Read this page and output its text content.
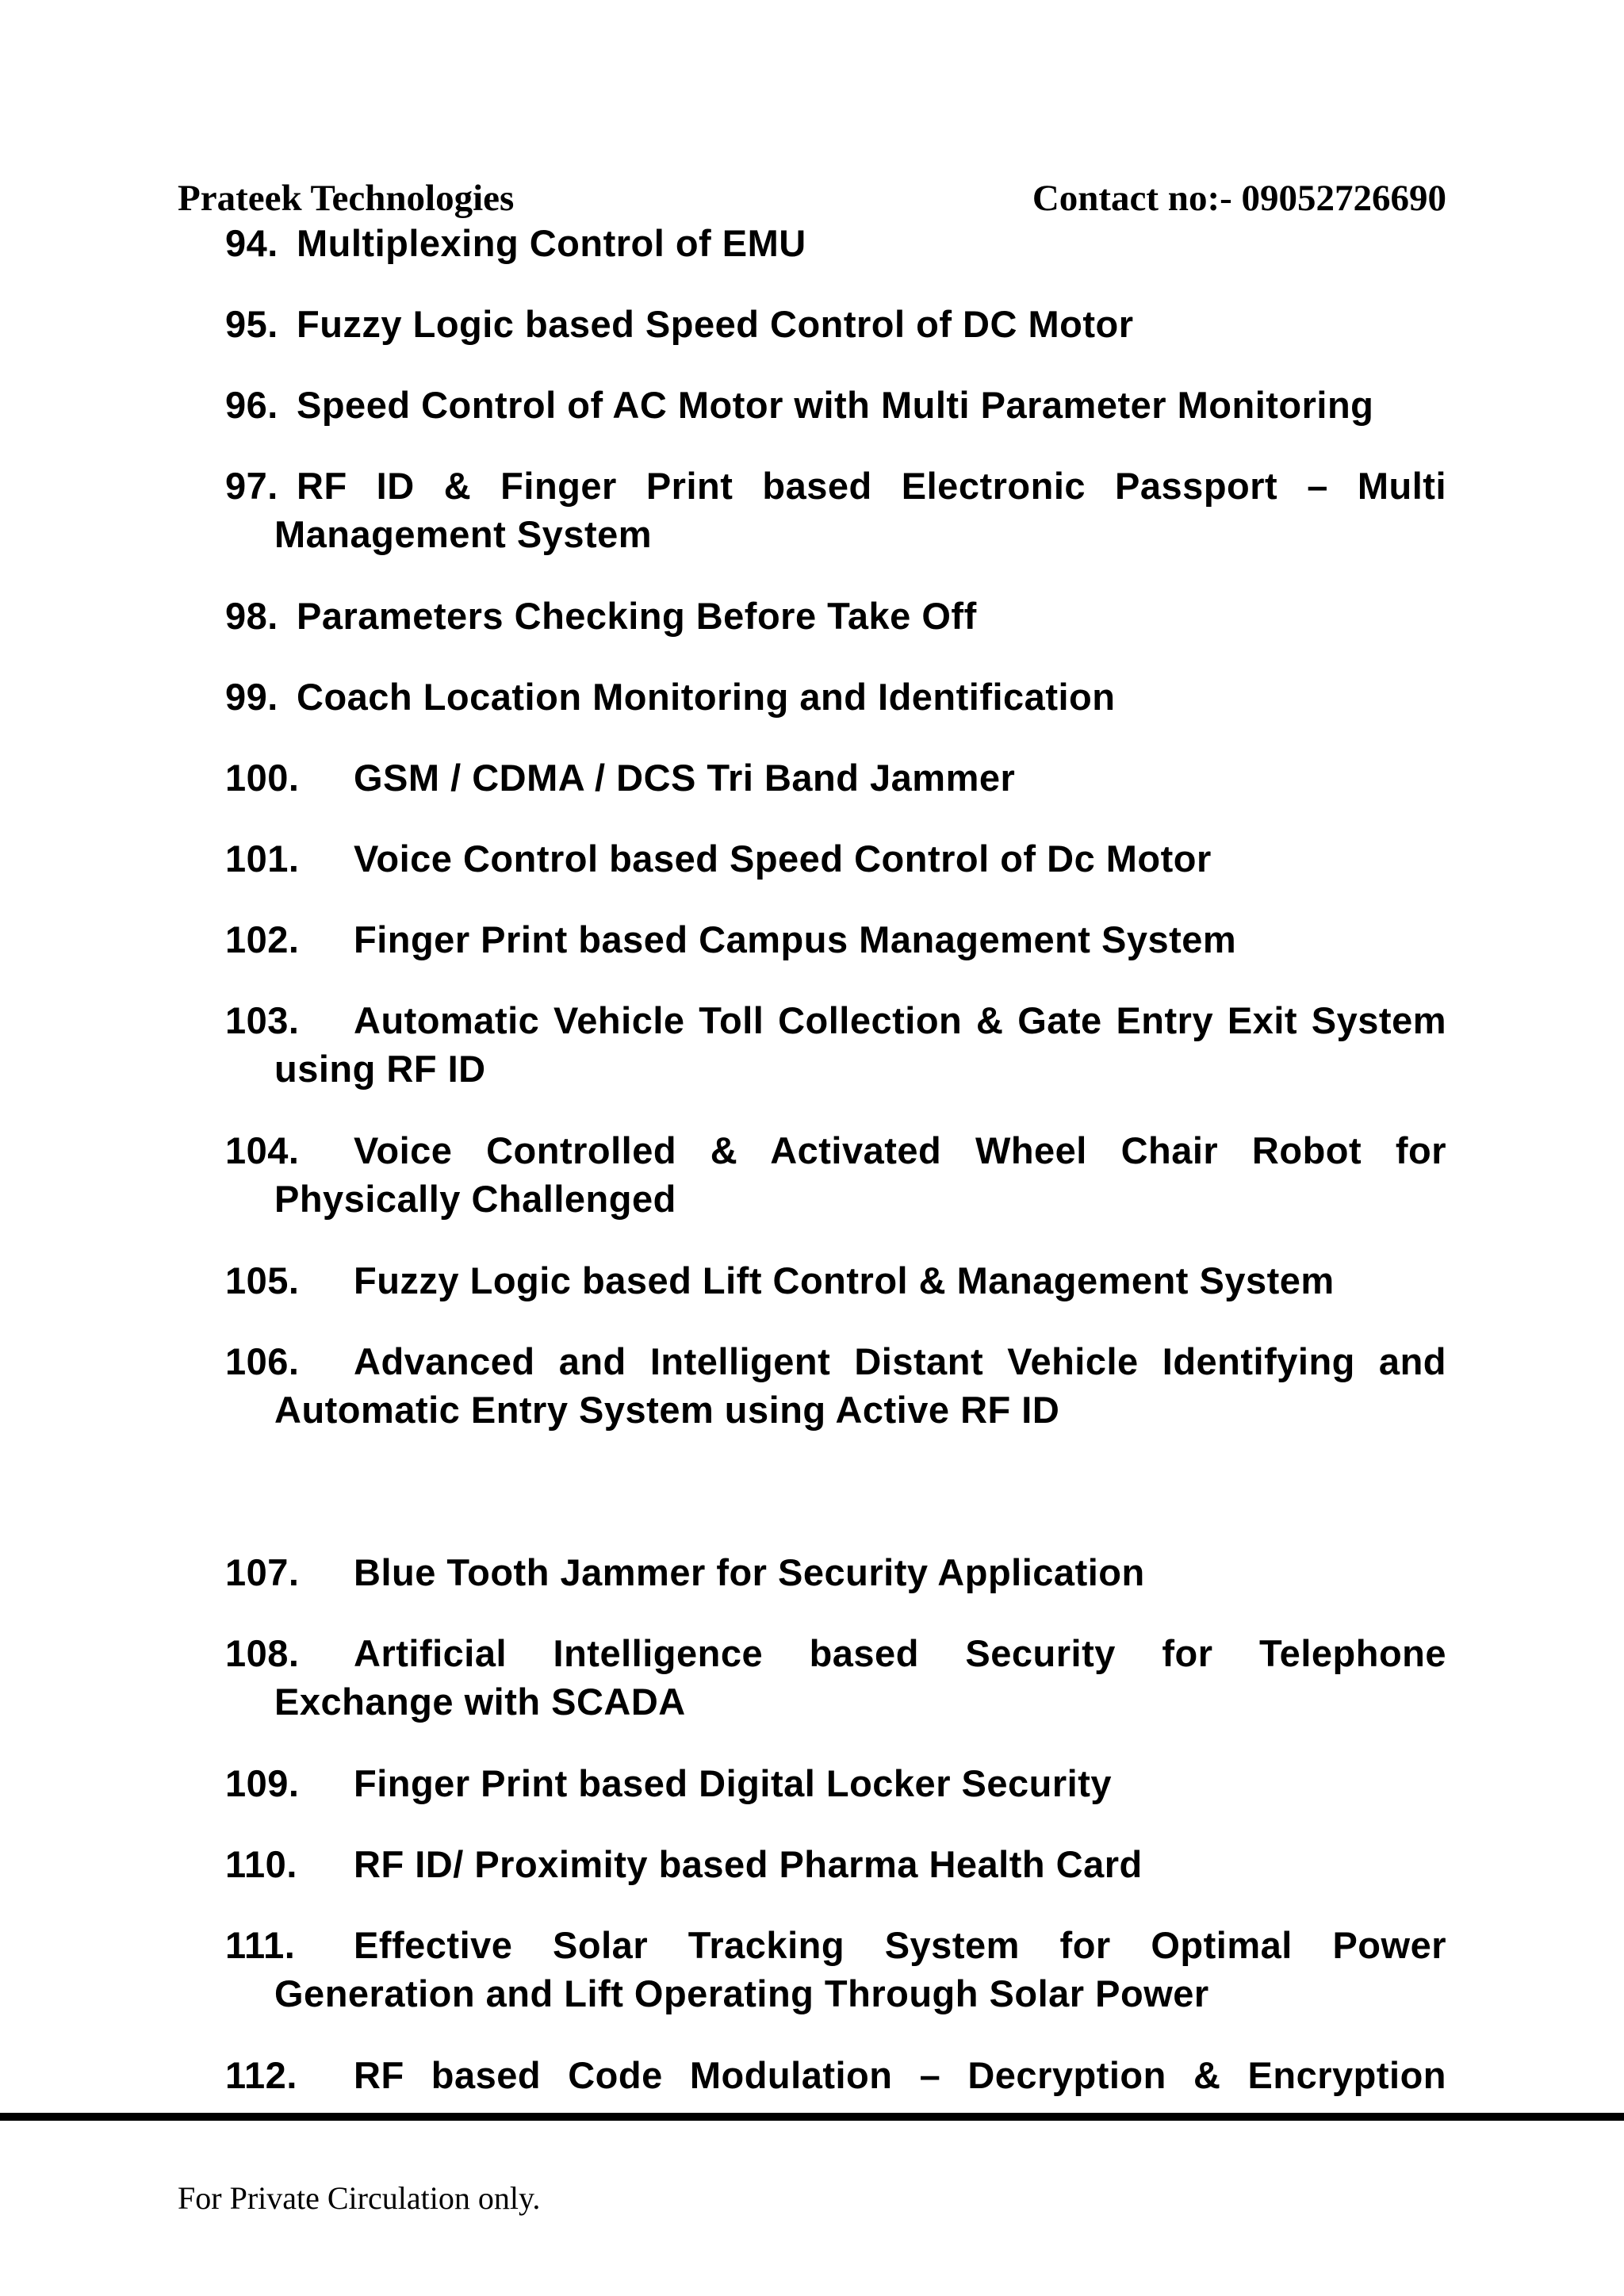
Prateek Technologies	Contact no:- 09052726690
94. Multiplexing Control of EMU
95. Fuzzy Logic based Speed Control of DC Motor
96. Speed Control of AC Motor with Multi Parameter Monitoring
97. RF ID & Finger Print based Electronic Passport – Multi Management System
98. Parameters Checking Before Take Off
99. Coach Location Monitoring and Identification
100.	GSM / CDMA / DCS Tri Band Jammer
101.	Voice Control based Speed Control of Dc Motor
102.	Finger Print based Campus Management System
103.	Automatic Vehicle Toll Collection & Gate Entry Exit System using RF ID
104.	Voice Controlled & Activated Wheel Chair Robot for Physically Challenged
105.	Fuzzy Logic based Lift Control & Management System
106.	Advanced and Intelligent Distant Vehicle Identifying and Automatic Entry System using Active RF ID
107.	Blue Tooth Jammer for Security Application
108.	Artificial Intelligence based Security for Telephone Exchange with SCADA
109.	Finger Print based Digital Locker Security
110.	RF ID/ Proximity based Pharma Health Card
111.	Effective Solar Tracking System for Optimal Power Generation and Lift Operating Through Solar Power
112.	RF based Code Modulation – Decryption & Encryption
For Private Circulation only.
